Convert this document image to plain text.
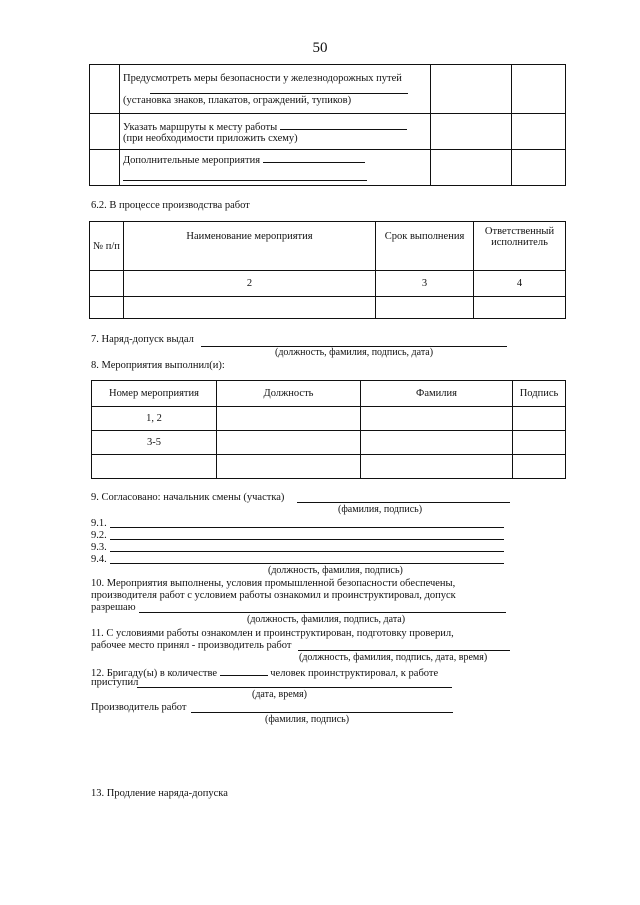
50

	Предусмотреть меры безопасности у железнодорожных путей
(установка знаков, плакатов, ограждений, тупиков)		

	Указать маршруты к месту работы
(при необходимости приложить схему)		

	Дополнительные мероприятия		

6.2. В процессе производства работ
№ п/п	Наименование мероприятия	Срок выполнения	Ответственный исполнитель
	2	3	4

7. Наряд-допуск выдал
(должность, фамилия, подпись, дата)
8. Мероприятия выполнил(и):
Номер мероприятия	Должность	Фамилия	Подпись
1, 2			
3-5			

9. Согласовано: начальник смены (участка)
(фамилия, подпись)
9.1.
9.2.
9.3.
9.4.
(должность, фамилия, подпись)
10. Мероприятия выполнены, условия промышленной безопасности обеспечены,
производителя работ с условием работы ознакомил и проинструктировал, допуск
разрешаю
(должность, фамилия, подпись, дата)
11. С условиями работы ознакомлен и проинструктирован, подготовку проверил,
рабочее место принял - производитель работ
(должность, фамилия, подпись, дата, время)
12. Бригаду(ы) в количестве	человек проинструктировал, к работе
приступил
(дата, время)
Производитель работ
(фамилия, подпись)
13. Продление наряда-допуска
